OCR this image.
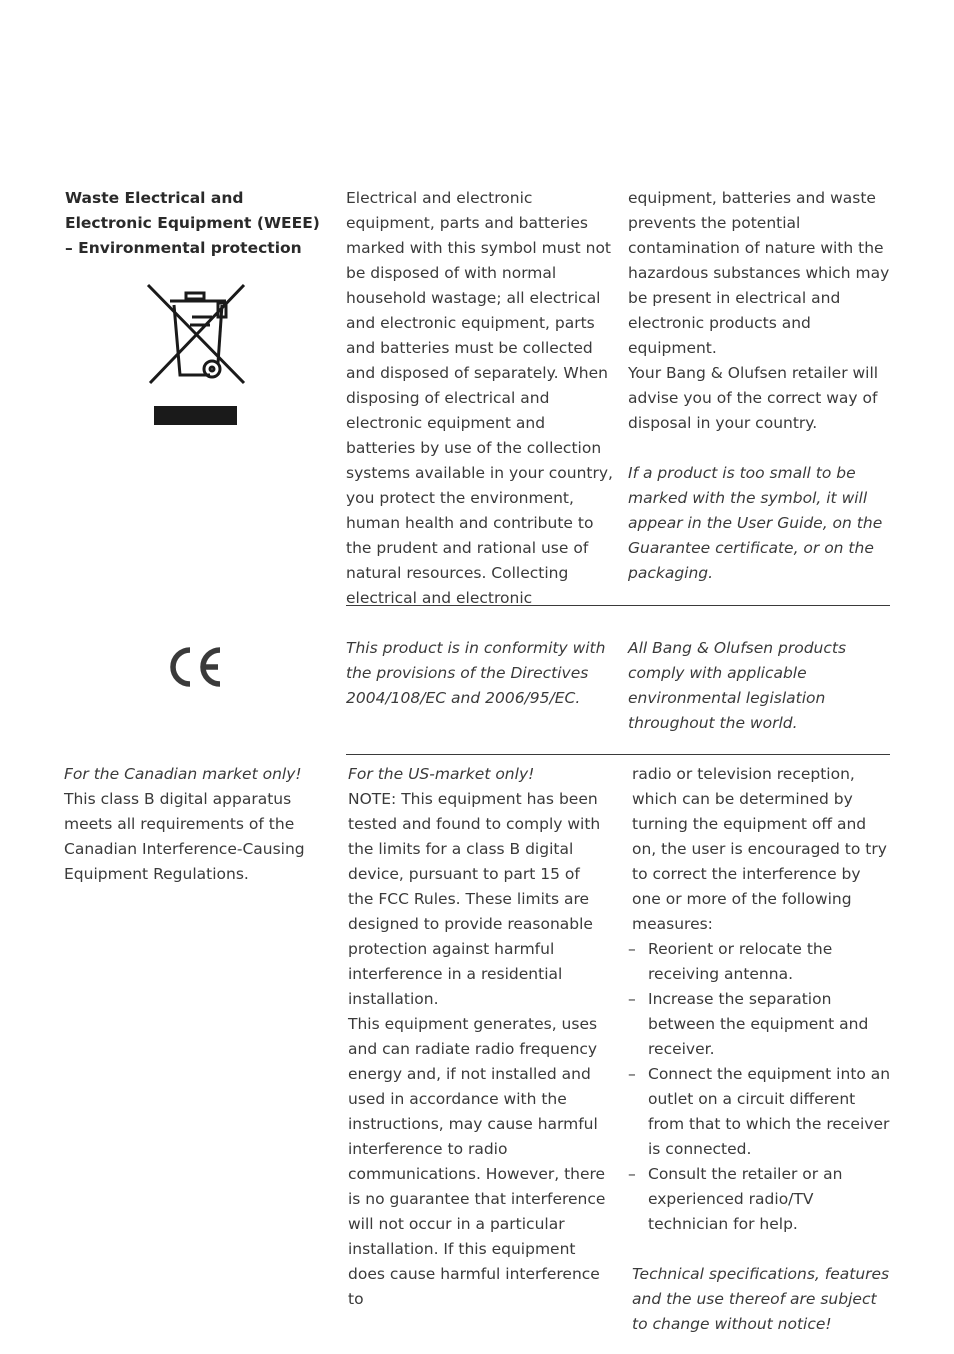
Waste Electrical and Electronic Equipment (WEEE) – Environmental protection
Electrical and electronic equipment, parts and batteries marked with this symbol must not be disposed of with normal household wastage; all electrical and electronic equipment, parts and batteries must be collected and disposed of separately. When disposing of electrical and electronic equipment and batteries by use of the collection systems available in your country, you protect the environment, human health and contribute to the prudent and rational use of natural resources. Collecting electrical and electronic

equipment, batteries and waste prevents the potential contamination of nature with the hazardous substances which may be present in electrical and electronic products and equipment.

Your Bang & Olufsen retailer will advise you of the correct way of disposal in your country.

If a product is too small to be marked with the symbol, it will appear in the User Guide, on the Guarantee certificate, or on the packaging.

This product is in conformity with the provisions of the Directives 2004/108/EC and 2006/95/EC.
All Bang & Olufsen products comply with applicable environmental legislation throughout the world.

For the Canadian market only!

This class B digital apparatus meets all requirements of the Canadian Interference-Causing Equipment Regulations.

For the US-market only!

NOTE: This equipment has been tested and found to comply with the limits for a class B digital device, pursuant to part 15 of the FCC Rules. These limits are designed to provide reasonable protection against harmful interference in a residential installation.

This equipment generates, uses and can radiate radio frequency energy and, if not installed and used in accordance with the instructions, may cause harmful interference to radio communications. However, there is no guarantee that interference will not occur in a particular installation. If this equipment does cause harmful interference to

radio or television reception, which can be determined by turning the equipment off and on, the user is encouraged to try to correct the interference by one or more of the following measures:

– Reorient or relocate the receiving antenna.
– Increase the separation between the equipment and receiver.
– Connect the equipment into an outlet on a circuit different from that to which the receiver is connected.
– Consult the retailer or an experienced radio/TV technician for help.

Technical specifications, features and the use thereof are subject to change without notice!
